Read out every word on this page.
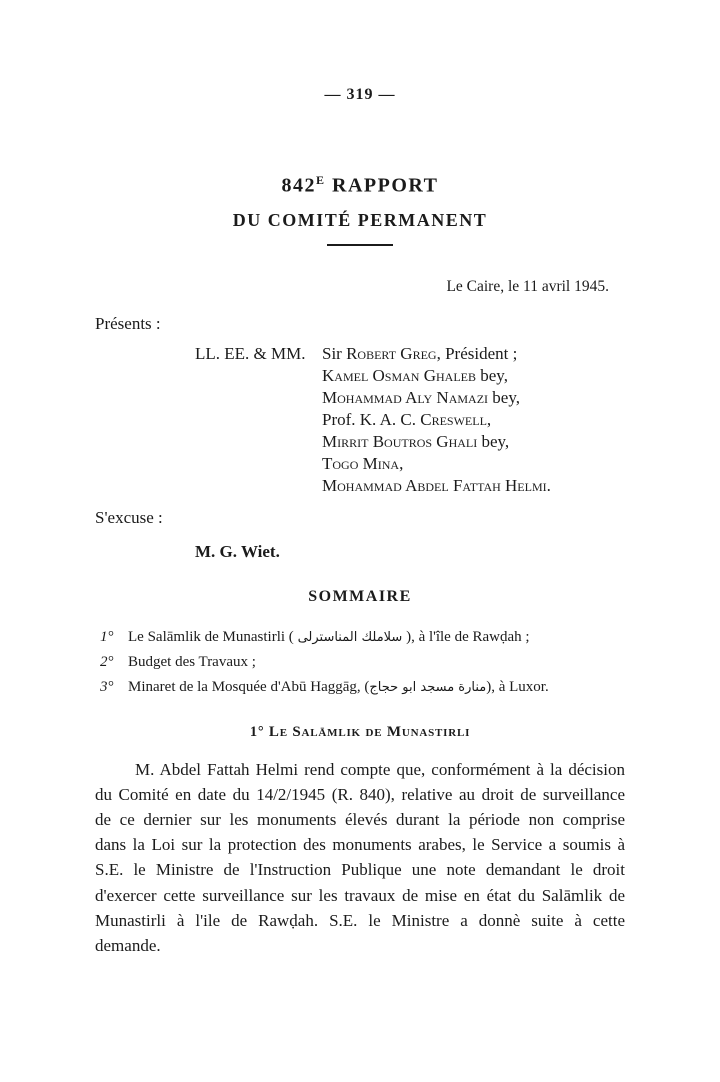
— 319 —
$842^E$ RAPPORT
DU COMITÉ PERMANENT
Le Caire, le 11 avril 1945.
Présents :
LL. EE. & MM. Sir Robert Greg, Président ;
Kamel Osman Ghaleb bey,
Mohammad Aly Namazi bey,
Prof. K. A. C. Creswell,
Mirrit Boutros Ghali bey,
Togo Mina,
Mohammad Abdel Fattah Helmi.
S'excuse :
M. G. Wiet.
SOMMAIRE
1° Le Salāmlik de Munastirli ( سلاملك المناسترلى ), à l'île de Rawḍah ;
2° Budget des Travaux ;
3° Minaret de la Mosquée d'Abū Haggāg, (منارة مسجد ابو حجاج), à Luxor.
1° Le Salāmlik de Munastirli

M. Abdel Fattah Helmi rend compte que, conformément à la décision du Comité en date du 14/2/1945 (R. 840), relative au droit de surveillance de ce dernier sur les monuments élevés durant la période non comprise dans la Loi sur la protection des monuments arabes, le Service a soumis à S.E. le Ministre de l'Instruction Publique une note demandant le droit d'exercer cette surveillance sur les travaux de mise en état du Salāmlik de Munastirli à l'ile de Rawḍah. S.E. le Ministre a donnè suite à cette demande.
